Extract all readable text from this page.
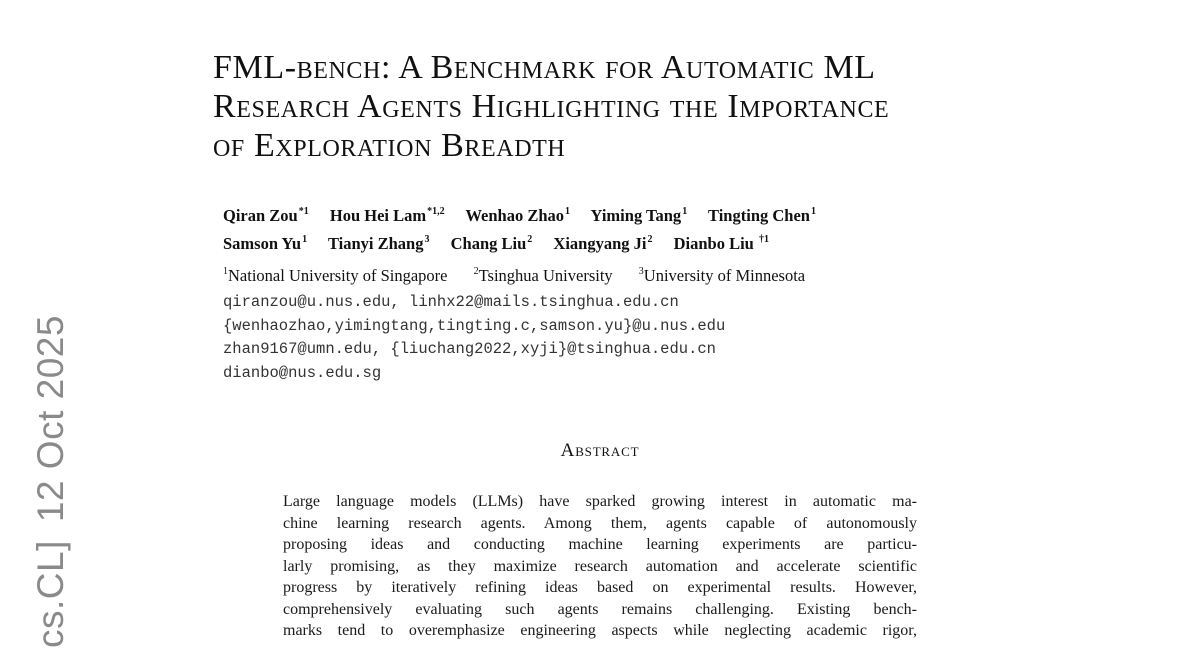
cs.CL]12 Oct 2025
FML-bench: A Benchmark for Automatic ML
Research Agents Highlighting the Importance
of Exploration Breadth
Qiran Zou$^{*1}$ Hou Hei Lam$^{*1,2}$ Wenhao Zhao$^1$ Yiming Tang$^1$ Tingting Chen$^1$
Samson Yu$^1$ Tianyi Zhang$^3$ Chang Liu$^2$ Xiangyang Ji$^2$ Dianbo Liu $^{\dagger 1}$
$^1$National University of Singapore	$^2$Tsinghua University	$^3$University of Minnesota
qiranzou@u.nus.edu, linhx22@mails.tsinghua.edu.cn
{wenhaozhao,yimingtang,tingting.c,samson.yu}@u.nus.edu
zhan9167@umn.edu, {liuchang2022,xyji}@tsinghua.edu.cn
dianbo@nus.edu.sg
Abstract
Large language models (LLMs) have sparked growing interest in automatic ma-
chine learning research agents. Among them, agents capable of autonomously
proposing ideas and conducting machine learning experiments are particu-
larly promising, as they maximize research automation and accelerate scientific
progress by iteratively refining ideas based on experimental results. However,
comprehensively evaluating such agents remains challenging. Existing bench-
marks tend to overemphasize engineering aspects while neglecting academic rigor,
